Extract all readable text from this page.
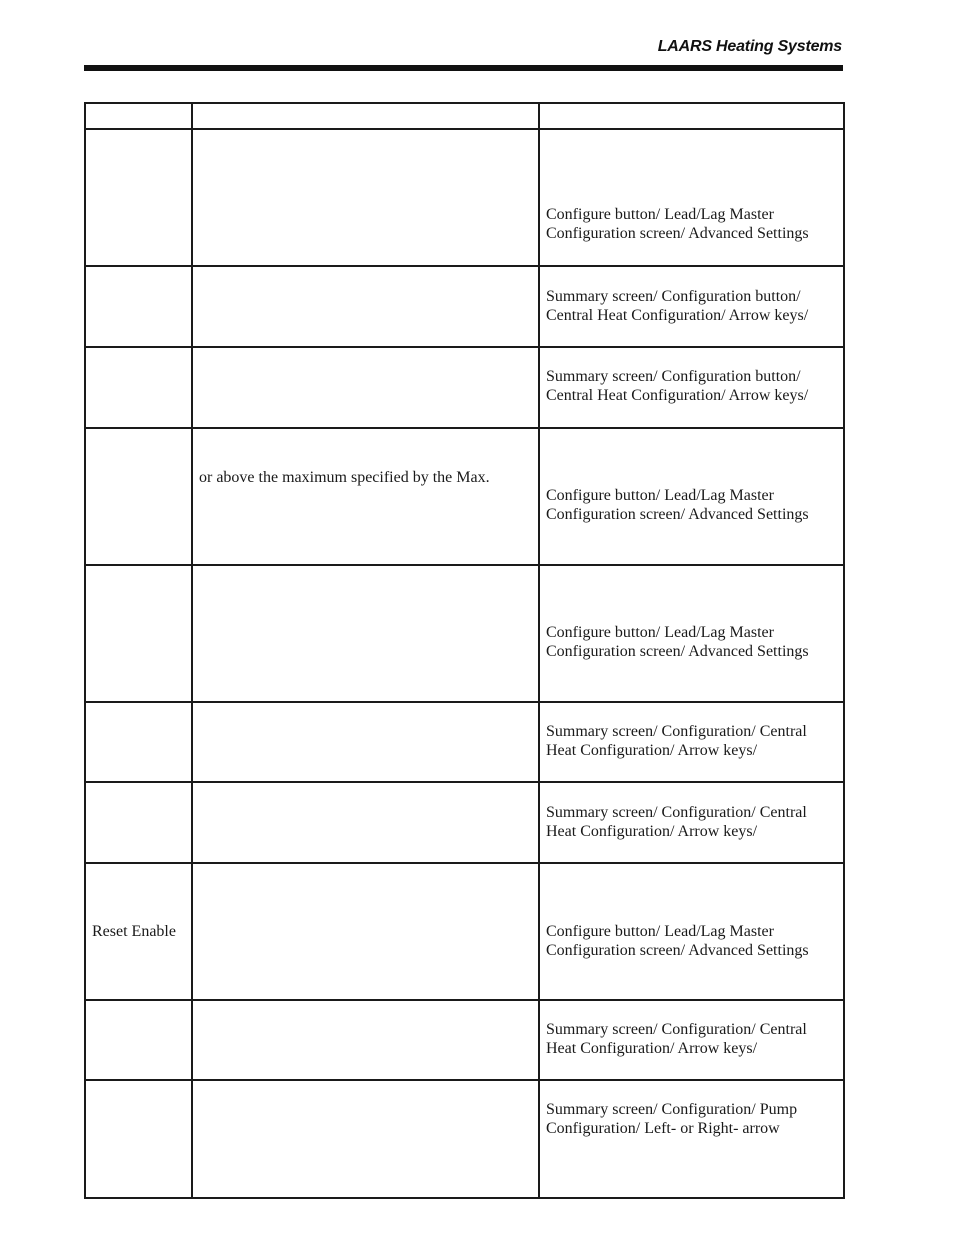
LAARS Heating Systems

		Configure button/ Lead/Lag Master Configuration screen/ Advanced Settings

		Summary screen/ Configuration button/ Central Heat Configuration/ Arrow keys/

		Summary screen/ Configuration button/ Central Heat Configuration/ Arrow keys/

	or above the maximum specified by the Max.	Configure button/ Lead/Lag Master Configuration screen/ Advanced Settings

		Configure button/ Lead/Lag Master Configuration screen/ Advanced Settings

		Summary screen/ Configuration/ Central Heat Configuration/ Arrow keys/

		Summary screen/ Configuration/ Central Heat Configuration/ Arrow keys/

Reset Enable		Configure button/ Lead/Lag Master Configuration screen/ Advanced Settings

		Summary screen/ Configuration/ Central Heat Configuration/ Arrow keys/

		Summary screen/ Configuration/ Pump Configuration/ Left- or Right- arrow
